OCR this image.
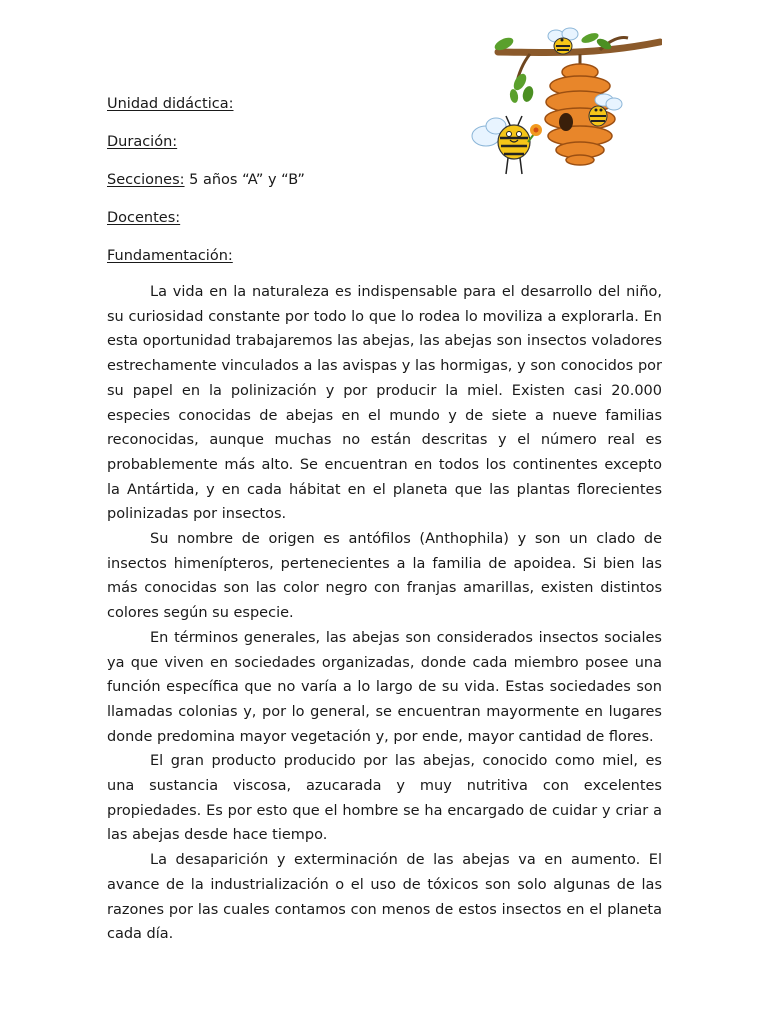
Unidad didáctica:
Duración:
Secciones: 5 años “A” y “B”
Docentes:
Fundamentación:

La vida en la naturaleza es indispensable para el desarrollo del niño, su curiosidad constante por todo lo que lo rodea lo moviliza a explorarla. En esta oportunidad trabajaremos las abejas, las abejas son insectos voladores estrechamente vinculados a las avispas y las hormigas, y son conocidos por su papel en la polinización y por producir la miel. Existen casi 20.000 especies conocidas de abejas en el mundo y de siete a nueve familias reconocidas, aunque muchas no están descritas y el número real es probablemente más alto. Se encuentran en todos los continentes excepto la Antártida, y en cada hábitat en el planeta que las plantas florecientes polinizadas por insectos.

Su nombre de origen es antófilos (Anthophila) y son un clado de insectos himenípteros, pertenecientes a la familia de apoidea. Si bien las más conocidas son las color negro con franjas amarillas, existen distintos colores según su especie.

En términos generales, las abejas son considerados insectos sociales ya que viven en sociedades organizadas, donde cada miembro posee una función específica que no varía a lo largo de su vida. Estas sociedades son llamadas colonias y, por lo general, se encuentran mayormente en lugares donde predomina mayor vegetación y, por ende, mayor cantidad de flores.

El gran producto producido por las abejas, conocido como miel, es una sustancia viscosa, azucarada y muy nutritiva con excelentes propiedades. Es por esto que el hombre se ha encargado de cuidar y criar a las abejas desde hace tiempo.

La desaparición y exterminación de las abejas va en aumento. El avance de la industrialización o el uso de tóxicos son solo algunas de las razones por las cuales contamos con menos de estos insectos en el planeta cada día.
